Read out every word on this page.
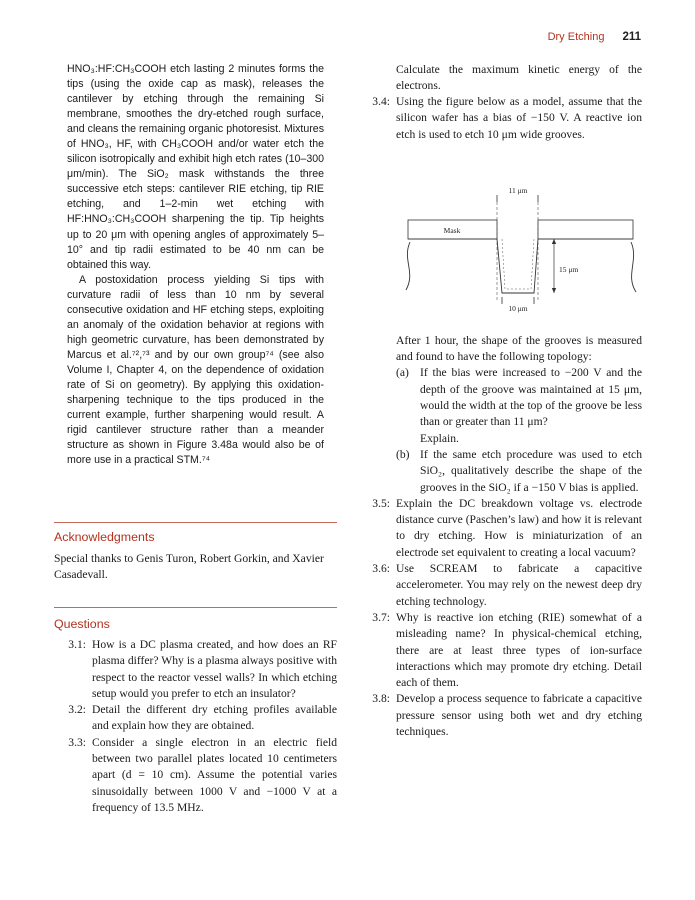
Dry Etching 211

HNO₃:HF:CH₃COOH etch lasting 2 minutes forms the tips (using the oxide cap as mask), releases the cantilever by etching through the remaining Si membrane, smoothes the dry-etched rough surface, and cleans the remaining organic photoresist. Mixtures of HNO₃, HF, with CH₃COOH and/or water etch the silicon isotropically and exhibit high etch rates (10–300 μm/min). The SiO₂ mask withstands the three successive etch steps: cantilever RIE etching, tip RIE etching, and 1–2-min wet etching with HF:HNO₃:CH₃COOH sharpening the tip. Tip heights up to 20 μm with opening angles of approximately 5–10° and tip radii estimated to be 40 nm can be obtained this way.

A postoxidation process yielding Si tips with curvature radii of less than 10 nm by several consecutive oxidation and HF etching steps, exploiting an anomaly of the oxidation behavior at regions with high geometric curvature, has been demonstrated by Marcus et al.⁷²,⁷³ and by our own group⁷⁴ (see also Volume I, Chapter 4, on the dependence of oxidation rate of Si on geometry). By applying this oxidation-sharpening technique to the tips produced in the current example, further sharpening would result. A rigid cantilever structure rather than a meander structure as shown in Figure 3.48a would also be of more use in a practical STM.⁷⁴

Acknowledgments
Special thanks to Genis Turon, Robert Gorkin, and Xavier Casadevall.
Questions
3.1: How is a DC plasma created, and how does an RF plasma differ? Why is a plasma always positive with respect to the reactor vessel walls? In which etching setup would you prefer to etch an insulator?

3.2: Detail the different dry etching profiles available and explain how they are obtained.

3.3: Consider a single electron in an electric field between two parallel plates located 10 centimeters apart (d = 10 cm). Assume the potential varies sinusoidally between 1000 V and −1000 V at a frequency of 13.5 MHz.

Calculate the maximum kinetic energy of the electrons.

3.4: Using the figure below as a model, assume that the silicon wafer has a bias of −150 V. A reactive ion etch is used to etch 10 μm wide grooves.

After 1 hour, the shape of the grooves is measured and found to have the following topology:

(a) If the bias were increased to −200 V and the depth of the groove was maintained at 15 μm, would the width at the top of the groove be less than or greater than 11 μm?

Explain.

(b) If the same etch procedure was used to etch SiO₂, qualitatively describe the shape of the grooves in the SiO₂ if a −150 V bias is applied.

3.5: Explain the DC breakdown voltage vs. electrode distance curve (Paschen’s law) and how it is relevant to dry etching. How is miniaturization of an electrode set equivalent to creating a local vacuum?

3.6: Use SCREAM to fabricate a capacitive accelerometer. You may rely on the newest deep dry etching technology.

3.7: Why is reactive ion etching (RIE) somewhat of a misleading name? In physical-chemical etching, there are at least three types of ion-surface interactions which may promote dry etching. Detail each of them.

3.8: Develop a process sequence to fabricate a capacitive pressure sensor using both wet and dry etching techniques.

11 μm
Mask
15 μm
10 μm
